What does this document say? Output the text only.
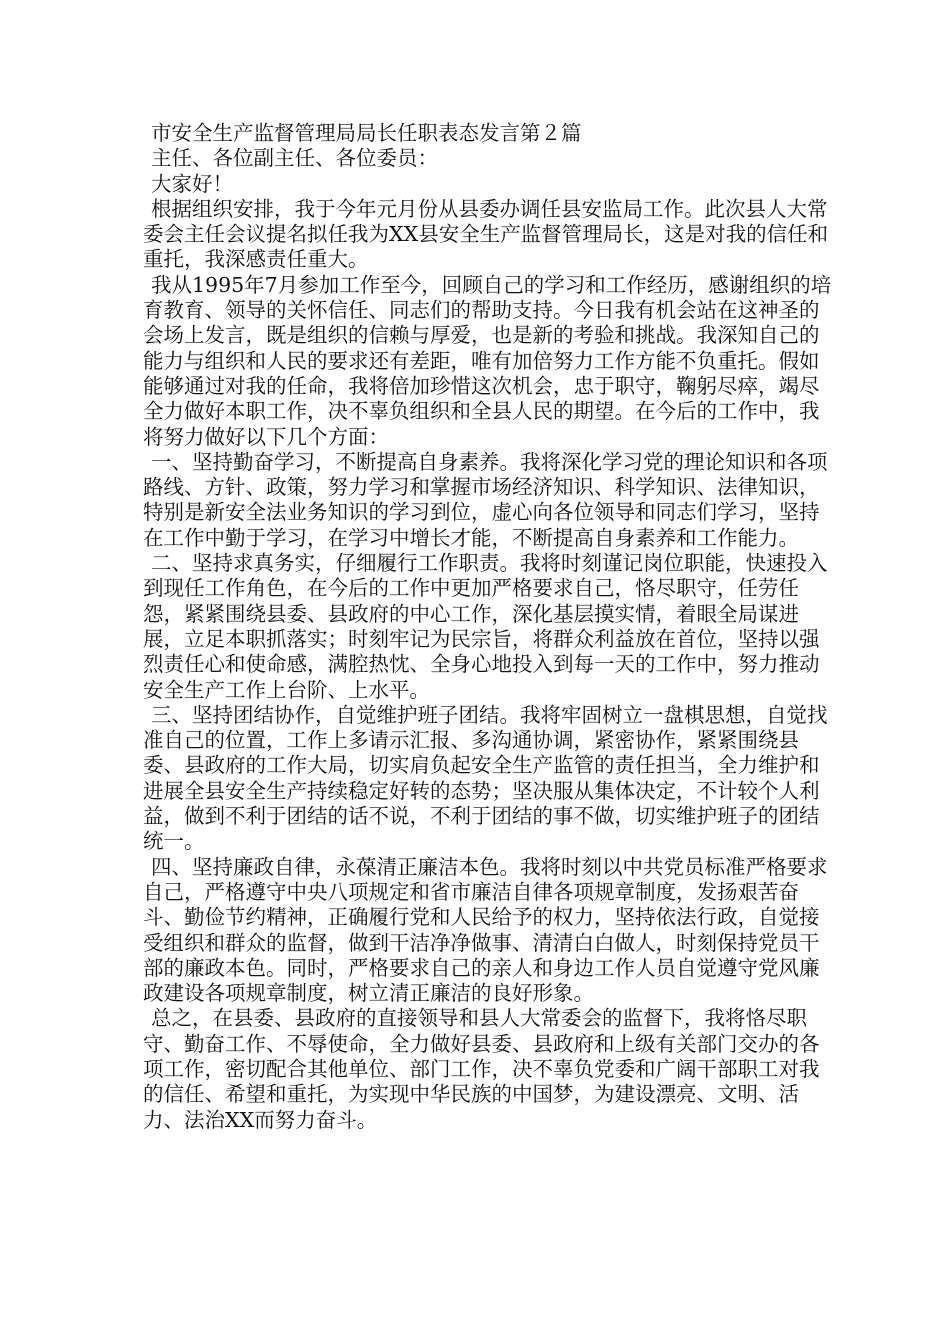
市安全生产监督管理局局长任职表态发言第２篇

主任、各位副主任、各位委员：

大家好！

根据组织安排，我于今年元月份从县委办调任县安监局工作。此次县人大常委会主任会议提名拟任我为XX县安全生产监督管理局长，这是对我的信任和重托，我深感责任重大。

我从1995年7月参加工作至今，回顾自己的学习和工作经历，感谢组织的培育教育、领导的关怀信任、同志们的帮助支持。今日我有机会站在这神圣的会场上发言，既是组织的信赖与厚爱，也是新的考验和挑战。我深知自己的能力与组织和人民的要求还有差距，唯有加倍努力工作方能不负重托。假如能够通过对我的任命，我将倍加珍惜这次机会，忠于职守，鞠躬尽瘁，竭尽全力做好本职工作，决不辜负组织和全县人民的期望。在今后的工作中，我将努力做好以下几个方面：

一、坚持勤奋学习，不断提高自身素养。我将深化学习党的理论知识和各项路线、方针、政策，努力学习和掌握市场经济知识、科学知识、法律知识，特别是新安全法业务知识的学习到位，虚心向各位领导和同志们学习，坚持在工作中勤于学习，在学习中增长才能，不断提高自身素养和工作能力。

二、坚持求真务实，仔细履行工作职责。我将时刻谨记岗位职能，快速投入到现任工作角色，在今后的工作中更加严格要求自己，恪尽职守，任劳任怨，紧紧围绕县委、县政府的中心工作，深化基层摸实情，着眼全局谋进展，立足本职抓落实；时刻牢记为民宗旨，将群众利益放在首位，坚持以强烈责任心和使命感，满腔热忱、全身心地投入到每一天的工作中，努力推动安全生产工作上台阶、上水平。

三、坚持团结协作，自觉维护班子团结。我将牢固树立一盘棋思想，自觉找准自己的位置，工作上多请示汇报、多沟通协调，紧密协作，紧紧围绕县委、县政府的工作大局，切实肩负起安全生产监管的责任担当，全力维护和进展全县安全生产持续稳定好转的态势；坚决服从集体决定，不计较个人利益，做到不利于团结的话不说，不利于团结的事不做，切实维护班子的团结统一。

四、坚持廉政自律，永葆清正廉洁本色。我将时刻以中共党员标准严格要求自己，严格遵守中央八项规定和省市廉洁自律各项规章制度，发扬艰苦奋斗、勤俭节约精神，正确履行党和人民给予的权力，坚持依法行政，自觉接受组织和群众的监督，做到干洁净净做事、清清白白做人，时刻保持党员干部的廉政本色。同时，严格要求自己的亲人和身边工作人员自觉遵守党风廉政建设各项规章制度，树立清正廉洁的良好形象。

总之，在县委、县政府的直接领导和县人大常委会的监督下，我将恪尽职守、勤奋工作、不辱使命，全力做好县委、县政府和上级有关部门交办的各项工作，密切配合其他单位、部门工作，决不辜负党委和广阔干部职工对我的信任、希望和重托，为实现中华民族的中国梦，为建设漂亮、文明、活力、法治XX而努力奋斗。
